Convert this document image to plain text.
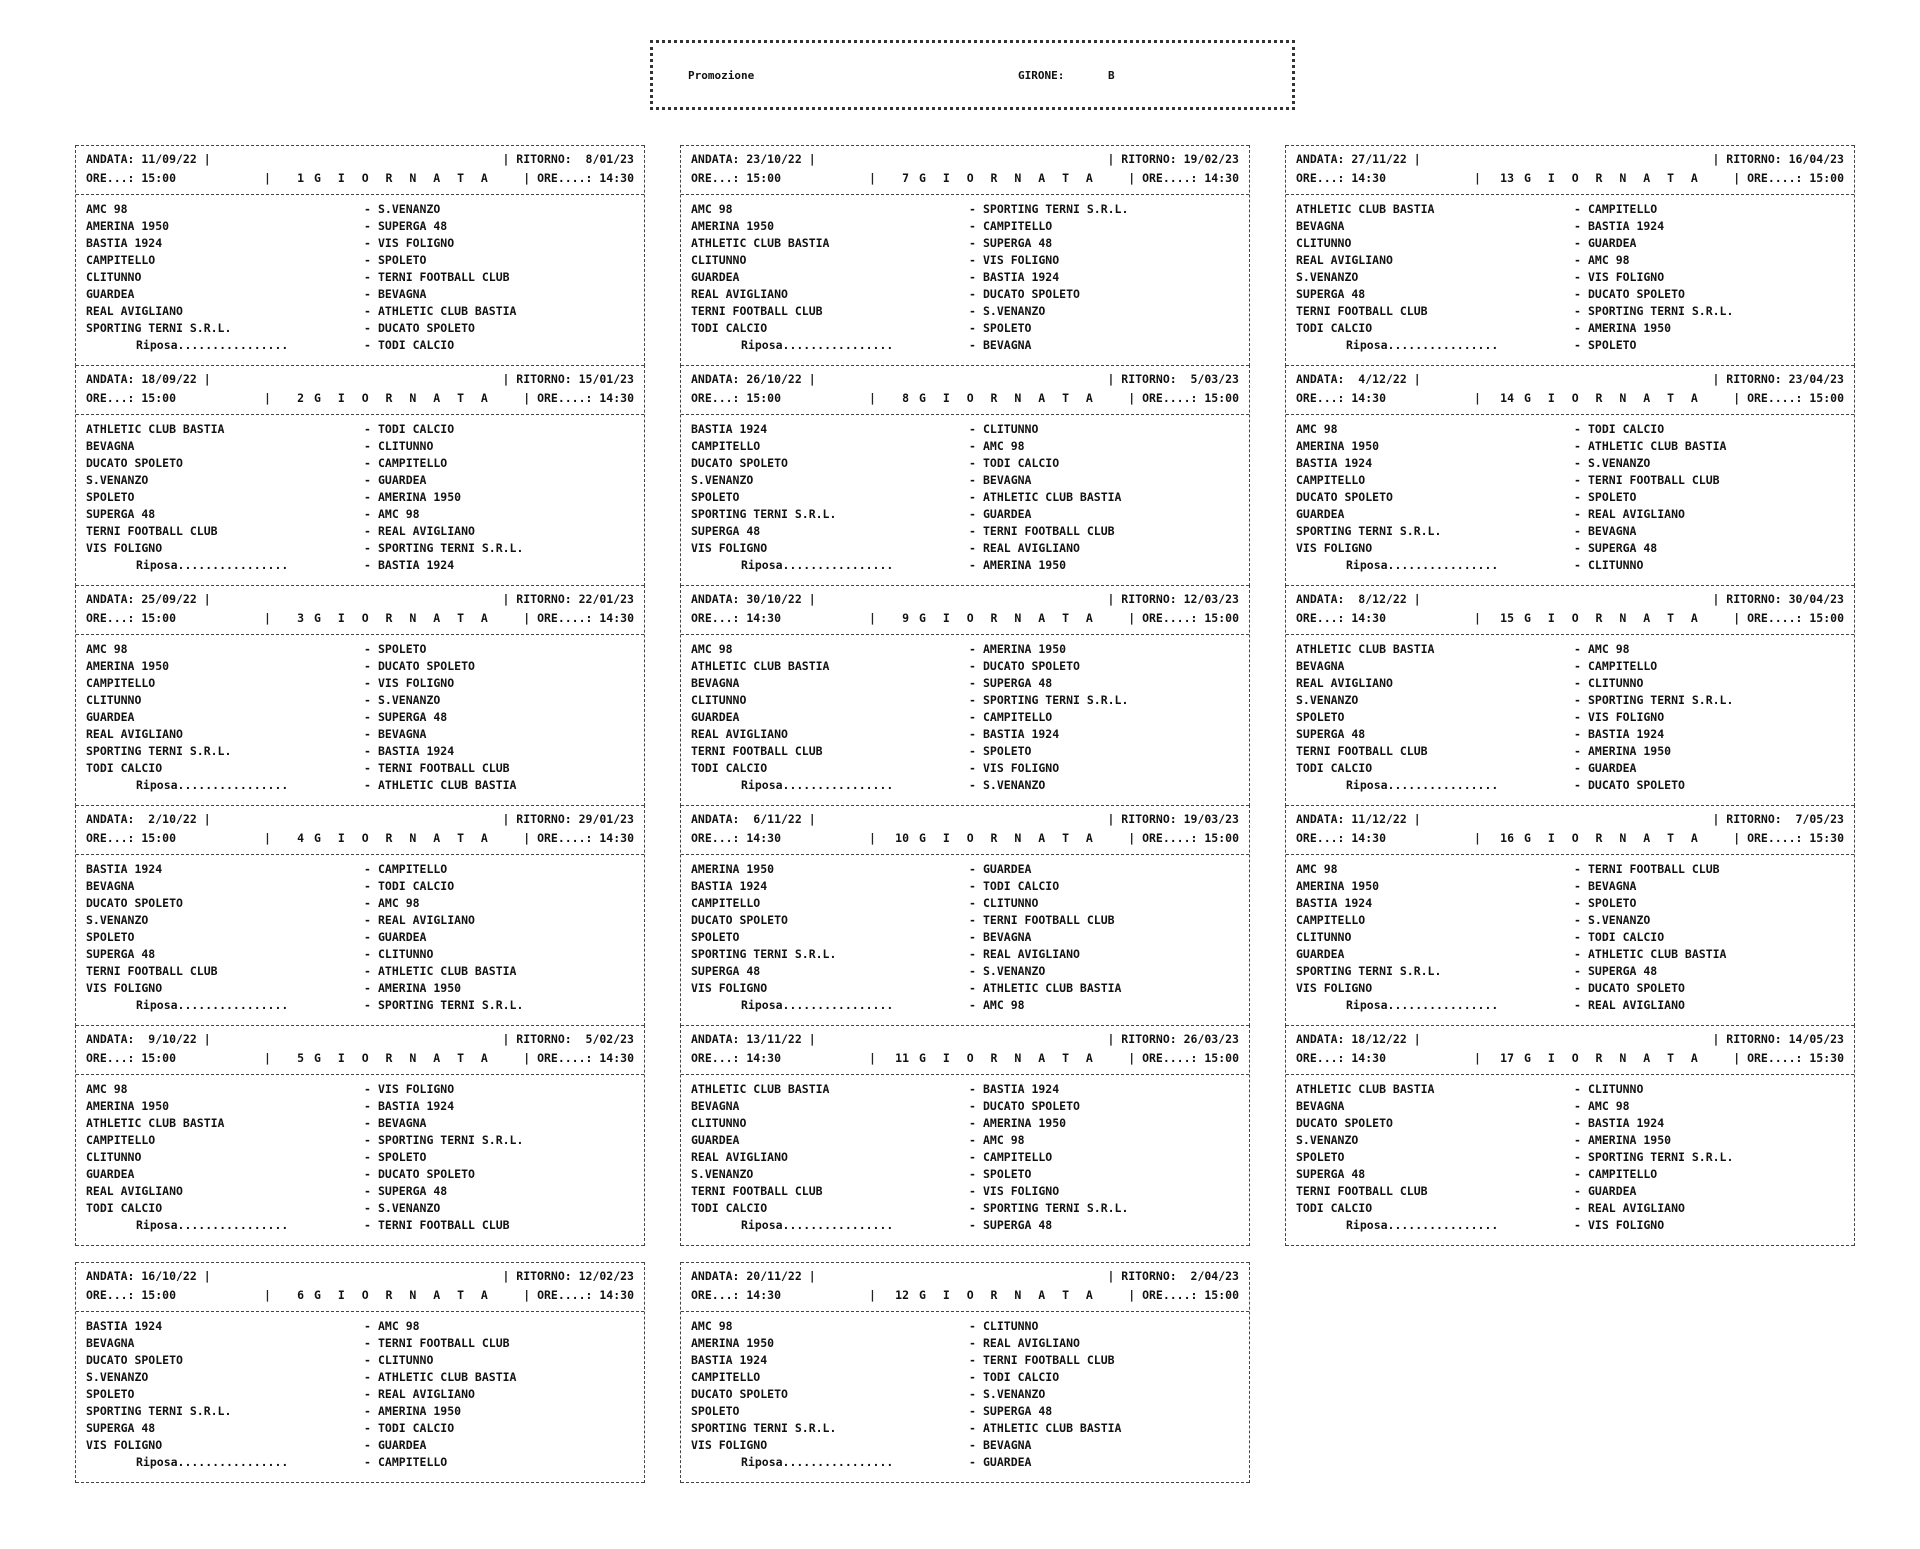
Promozione	GIRONE:	B
ANDATA: 11/09/22 |	| RITORNO:  8/01/23
ORE...: 15:00	|	1 G I O R N A T A	| ORE....: 14:30
AMC 98	- S.VENANZO
AMERINA 1950	- SUPERGA 48
BASTIA 1924	- VIS FOLIGNO
CAMPITELLO	- SPOLETO
CLITUNNO	- TERNI FOOTBALL CLUB
GUARDEA	- BEVAGNA
REAL AVIGLIANO	- ATHLETIC CLUB BASTIA
SPORTING TERNI S.R.L.	- DUCATO SPOLETO
Riposa................	- TODI CALCIO
ANDATA: 18/09/22 |	| RITORNO: 15/01/23
ORE...: 15:00	|	2 G I O R N A T A	| ORE....: 14:30
ATHLETIC CLUB BASTIA	- TODI CALCIO
BEVAGNA	- CLITUNNO
DUCATO SPOLETO	- CAMPITELLO
S.VENANZO	- GUARDEA
SPOLETO	- AMERINA 1950
SUPERGA 48	- AMC 98
TERNI FOOTBALL CLUB	- REAL AVIGLIANO
VIS FOLIGNO	- SPORTING TERNI S.R.L.
Riposa................	- BASTIA 1924
ANDATA: 25/09/22 |	| RITORNO: 22/01/23
ORE...: 15:00	|	3 G I O R N A T A	| ORE....: 14:30
AMC 98	- SPOLETO
AMERINA 1950	- DUCATO SPOLETO
CAMPITELLO	- VIS FOLIGNO
CLITUNNO	- S.VENANZO
GUARDEA	- SUPERGA 48
REAL AVIGLIANO	- BEVAGNA
SPORTING TERNI S.R.L.	- BASTIA 1924
TODI CALCIO	- TERNI FOOTBALL CLUB
Riposa................	- ATHLETIC CLUB BASTIA
ANDATA:  2/10/22 |	| RITORNO: 29/01/23
ORE...: 15:00	|	4 G I O R N A T A	| ORE....: 14:30
BASTIA 1924	- CAMPITELLO
BEVAGNA	- TODI CALCIO
DUCATO SPOLETO	- AMC 98
S.VENANZO	- REAL AVIGLIANO
SPOLETO	- GUARDEA
SUPERGA 48	- CLITUNNO
TERNI FOOTBALL CLUB	- ATHLETIC CLUB BASTIA
VIS FOLIGNO	- AMERINA 1950
Riposa................	- SPORTING TERNI S.R.L.
ANDATA:  9/10/22 |	| RITORNO:  5/02/23
ORE...: 15:00	|	5 G I O R N A T A	| ORE....: 14:30
AMC 98	- VIS FOLIGNO
AMERINA 1950	- BASTIA 1924
ATHLETIC CLUB BASTIA	- BEVAGNA
CAMPITELLO	- SPORTING TERNI S.R.L.
CLITUNNO	- SPOLETO
GUARDEA	- DUCATO SPOLETO
REAL AVIGLIANO	- SUPERGA 48
TODI CALCIO	- S.VENANZO
Riposa................	- TERNI FOOTBALL CLUB
ANDATA: 16/10/22 |	| RITORNO: 12/02/23
ORE...: 15:00	|	6 G I O R N A T A	| ORE....: 14:30
BASTIA 1924	- AMC 98
BEVAGNA	- TERNI FOOTBALL CLUB
DUCATO SPOLETO	- CLITUNNO
S.VENANZO	- ATHLETIC CLUB BASTIA
SPOLETO	- REAL AVIGLIANO
SPORTING TERNI S.R.L.	- AMERINA 1950
SUPERGA 48	- TODI CALCIO
VIS FOLIGNO	- GUARDEA
Riposa................	- CAMPITELLO
ANDATA: 23/10/22 |	| RITORNO: 19/02/23
ORE...: 15:00	|	7 G I O R N A T A	| ORE....: 14:30
AMC 98	- SPORTING TERNI S.R.L.
AMERINA 1950	- CAMPITELLO
ATHLETIC CLUB BASTIA	- SUPERGA 48
CLITUNNO	- VIS FOLIGNO
GUARDEA	- BASTIA 1924
REAL AVIGLIANO	- DUCATO SPOLETO
TERNI FOOTBALL CLUB	- S.VENANZO
TODI CALCIO	- SPOLETO
Riposa................	- BEVAGNA
ANDATA: 26/10/22 |	| RITORNO:  5/03/23
ORE...: 15:00	|	8 G I O R N A T A	| ORE....: 15:00
BASTIA 1924	- CLITUNNO
CAMPITELLO	- AMC 98
DUCATO SPOLETO	- TODI CALCIO
S.VENANZO	- BEVAGNA
SPOLETO	- ATHLETIC CLUB BASTIA
SPORTING TERNI S.R.L.	- GUARDEA
SUPERGA 48	- TERNI FOOTBALL CLUB
VIS FOLIGNO	- REAL AVIGLIANO
Riposa................	- AMERINA 1950
ANDATA: 30/10/22 |	| RITORNO: 12/03/23
ORE...: 14:30	|	9 G I O R N A T A	| ORE....: 15:00
AMC 98	- AMERINA 1950
ATHLETIC CLUB BASTIA	- DUCATO SPOLETO
BEVAGNA	- SUPERGA 48
CLITUNNO	- SPORTING TERNI S.R.L.
GUARDEA	- CAMPITELLO
REAL AVIGLIANO	- BASTIA 1924
TERNI FOOTBALL CLUB	- SPOLETO
TODI CALCIO	- VIS FOLIGNO
Riposa................	- S.VENANZO
ANDATA:  6/11/22 |	| RITORNO: 19/03/23
ORE...: 14:30	|	10 G I O R N A T A	| ORE....: 15:00
AMERINA 1950	- GUARDEA
BASTIA 1924	- TODI CALCIO
CAMPITELLO	- CLITUNNO
DUCATO SPOLETO	- TERNI FOOTBALL CLUB
SPOLETO	- BEVAGNA
SPORTING TERNI S.R.L.	- REAL AVIGLIANO
SUPERGA 48	- S.VENANZO
VIS FOLIGNO	- ATHLETIC CLUB BASTIA
Riposa................	- AMC 98
ANDATA: 13/11/22 |	| RITORNO: 26/03/23
ORE...: 14:30	|	11 G I O R N A T A	| ORE....: 15:00
ATHLETIC CLUB BASTIA	- BASTIA 1924
BEVAGNA	- DUCATO SPOLETO
CLITUNNO	- AMERINA 1950
GUARDEA	- AMC 98
REAL AVIGLIANO	- CAMPITELLO
S.VENANZO	- SPOLETO
TERNI FOOTBALL CLUB	- VIS FOLIGNO
TODI CALCIO	- SPORTING TERNI S.R.L.
Riposa................	- SUPERGA 48
ANDATA: 20/11/22 |	| RITORNO:  2/04/23
ORE...: 14:30	|	12 G I O R N A T A	| ORE....: 15:00
AMC 98	- CLITUNNO
AMERINA 1950	- REAL AVIGLIANO
BASTIA 1924	- TERNI FOOTBALL CLUB
CAMPITELLO	- TODI CALCIO
DUCATO SPOLETO	- S.VENANZO
SPOLETO	- SUPERGA 48
SPORTING TERNI S.R.L.	- ATHLETIC CLUB BASTIA
VIS FOLIGNO	- BEVAGNA
Riposa................	- GUARDEA
ANDATA: 27/11/22 |	| RITORNO: 16/04/23
ORE...: 14:30	|	13 G I O R N A T A	| ORE....: 15:00
ATHLETIC CLUB BASTIA	- CAMPITELLO
BEVAGNA	- BASTIA 1924
CLITUNNO	- GUARDEA
REAL AVIGLIANO	- AMC 98
S.VENANZO	- VIS FOLIGNO
SUPERGA 48	- DUCATO SPOLETO
TERNI FOOTBALL CLUB	- SPORTING TERNI S.R.L.
TODI CALCIO	- AMERINA 1950
Riposa................	- SPOLETO
ANDATA:  4/12/22 |	| RITORNO: 23/04/23
ORE...: 14:30	|	14 G I O R N A T A	| ORE....: 15:00
AMC 98	- TODI CALCIO
AMERINA 1950	- ATHLETIC CLUB BASTIA
BASTIA 1924	- S.VENANZO
CAMPITELLO	- TERNI FOOTBALL CLUB
DUCATO SPOLETO	- SPOLETO
GUARDEA	- REAL AVIGLIANO
SPORTING TERNI S.R.L.	- BEVAGNA
VIS FOLIGNO	- SUPERGA 48
Riposa................	- CLITUNNO
ANDATA:  8/12/22 |	| RITORNO: 30/04/23
ORE...: 14:30	|	15 G I O R N A T A	| ORE....: 15:00
ATHLETIC CLUB BASTIA	- AMC 98
BEVAGNA	- CAMPITELLO
REAL AVIGLIANO	- CLITUNNO
S.VENANZO	- SPORTING TERNI S.R.L.
SPOLETO	- VIS FOLIGNO
SUPERGA 48	- BASTIA 1924
TERNI FOOTBALL CLUB	- AMERINA 1950
TODI CALCIO	- GUARDEA
Riposa................	- DUCATO SPOLETO
ANDATA: 11/12/22 |	| RITORNO:  7/05/23
ORE...: 14:30	|	16 G I O R N A T A	| ORE....: 15:30
AMC 98	- TERNI FOOTBALL CLUB
AMERINA 1950	- BEVAGNA
BASTIA 1924	- SPOLETO
CAMPITELLO	- S.VENANZO
CLITUNNO	- TODI CALCIO
GUARDEA	- ATHLETIC CLUB BASTIA
SPORTING TERNI S.R.L.	- SUPERGA 48
VIS FOLIGNO	- DUCATO SPOLETO
Riposa................	- REAL AVIGLIANO
ANDATA: 18/12/22 |	| RITORNO: 14/05/23
ORE...: 14:30	|	17 G I O R N A T A	| ORE....: 15:30
ATHLETIC CLUB BASTIA	- CLITUNNO
BEVAGNA	- AMC 98
DUCATO SPOLETO	- BASTIA 1924
S.VENANZO	- AMERINA 1950
SPOLETO	- SPORTING TERNI S.R.L.
SUPERGA 48	- CAMPITELLO
TERNI FOOTBALL CLUB	- GUARDEA
TODI CALCIO	- REAL AVIGLIANO
Riposa................	- VIS FOLIGNO
